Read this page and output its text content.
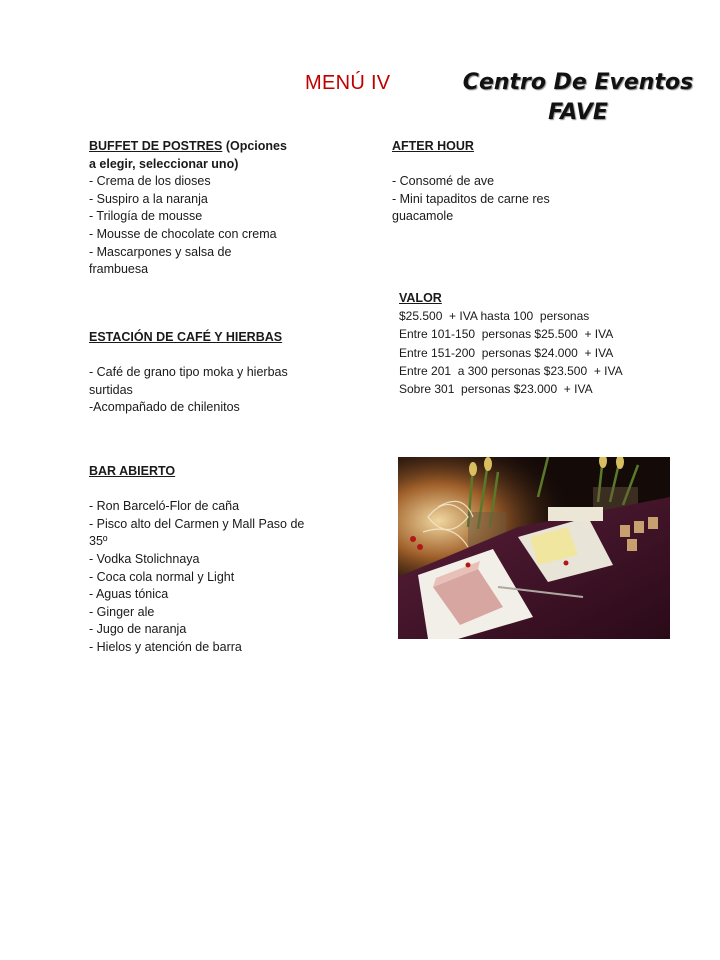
MENÚ IV	Centro De Eventos
FAVE
BUFFET DE POSTRES (Opciones
a elegir, seleccionar uno)
- Crema de los dioses
- Suspiro a la naranja
- Trilogía de mousse
- Mousse de chocolate con crema
- Mascarpones y salsa de
frambuesa
ESTACIÓN DE CAFÉ Y HIERBAS
- Café de grano tipo moka y hierbas
surtidas
-Acompañado de chilenitos
BAR ABIERTO
- Ron Barceló-Flor de caña
- Pisco alto del Carmen y Mall Paso de
35º
- Vodka Stolichnaya
- Coca cola normal y Light
- Aguas tónica
- Ginger ale
- Jugo de naranja
- Hielos y atención de barra
AFTER HOUR
- Consomé de ave
- Mini tapaditos de carne res
guacamole
VALOR
$25.500  + IVA hasta 100  personas
Entre 101-150  personas $25.500  + IVA
Entre 151-200  personas $24.000  + IVA
Entre 201  a 300 personas $23.500  + IVA
Sobre 301  personas $23.000  + IVA
